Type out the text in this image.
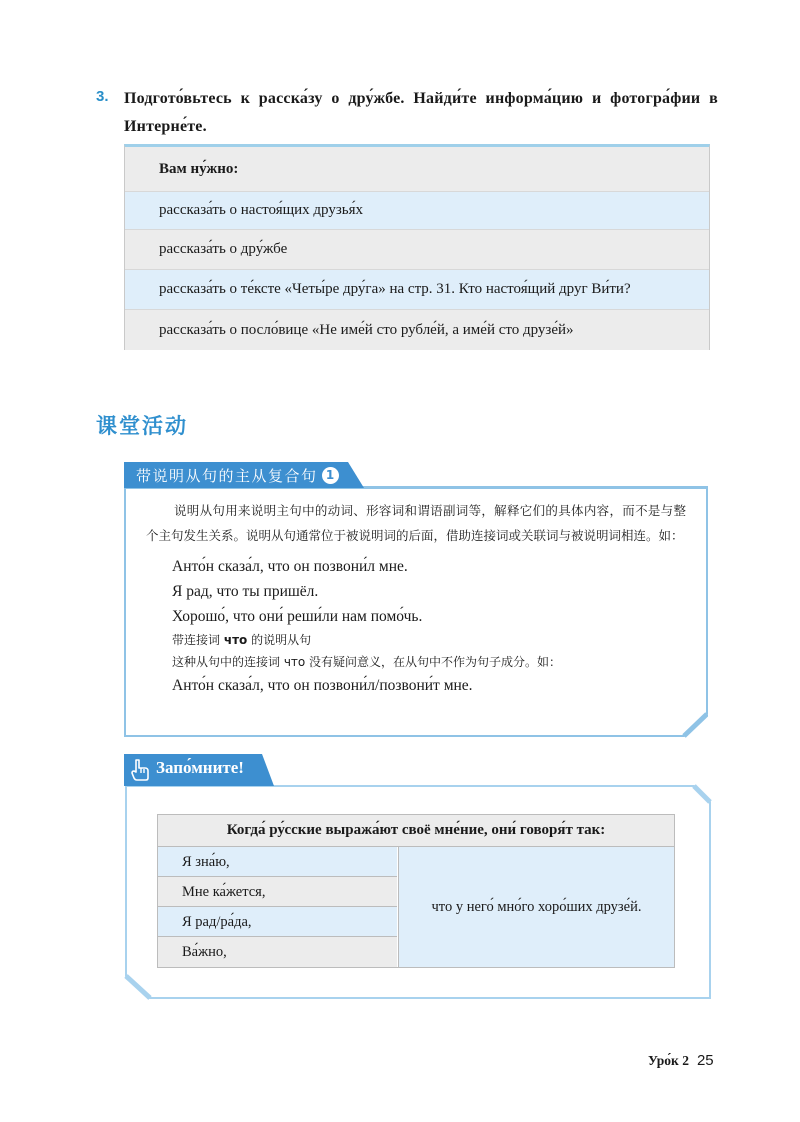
3. Подгото́вьтесь к расска́зу о дру́жбе. Найди́те информа́цию и фотогра́фии в Интерне́те.
Вам ну́жно:
рассказа́ть о настоя́щих друзья́х
рассказа́ть о дру́жбе
рассказа́ть о те́ксте «Четы́ре дру́га» на стр. 31. Кто настоя́щий друг Ви́ти?
рассказа́ть о посло́вице «Не име́й сто рубле́й, а име́й сто друзе́й»
课堂活动
带说明从句的主从复合句 1
说明从句用来说明主句中的动词、形容词和谓语副词等，解释它们的具体内容，而不是与整个主句发生关系。说明从句通常位于被说明词的后面，借助连接词或关联词与被说明词相连。如：
Анто́н сказа́л, что он позвони́л мне.
Я рад, что ты пришёл.
Хорошо́, что они́ реши́ли нам помо́чь.
带连接词 что 的说明从句
这种从句中的连接词 что 没有疑问意义，在从句中不作为句子成分。如：
Анто́н сказа́л, что он позвони́л/позвони́т мне.
Запо́мните!
Когда́ ру́сские выража́ют своё мне́ние, они́ говоря́т так:
Я зна́ю,
Мне ка́жется,
Я рад/ра́да,
Ва́жно,
что у него́ мно́го хоро́ших друзе́й.
Уро́к 2 25
